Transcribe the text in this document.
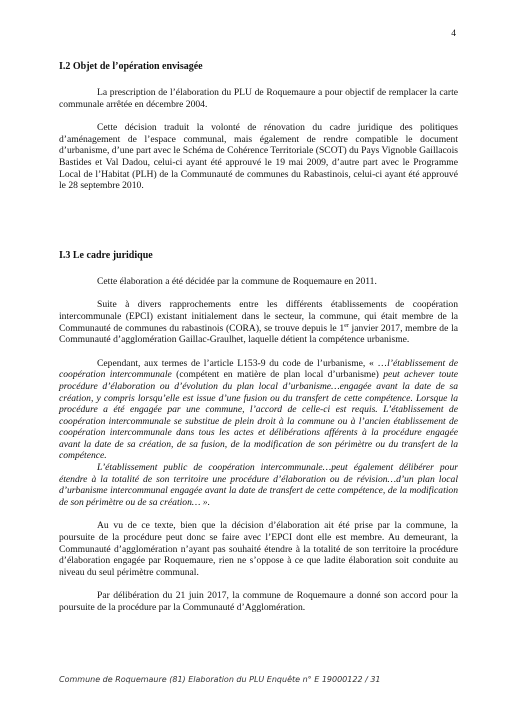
4
I.2 Objet de l’opération envisagée

La prescription de l’élaboration du PLU de Roquemaure a pour objectif de remplacer la carte communale arrêtée en décembre 2004.

Cette décision traduit la volonté de rénovation du cadre juridique des politiques d’aménagement de l’espace communal, mais également de rendre compatible le document d’urbanisme, d’une part avec le Schéma de Cohérence Territoriale (SCOT) du Pays Vignoble Gaillacois Bastides et Val Dadou, celui-ci ayant été approuvé le 19 mai 2009, d’autre part avec le Programme Local de l’Habitat (PLH) de la Communauté de communes du Rabastinois, celui-ci ayant été approuvé le 28 septembre 2010.

I.3 Le cadre juridique

Cette élaboration a été décidée par la commune de Roquemaure en 2011.

Suite à divers rapprochements entre les différents établissements de coopération intercommunale (EPCI) existant initialement dans le secteur, la commune, qui était membre de la Communauté de communes du rabastinois (CORA), se trouve depuis le 1er janvier 2017, membre de la Communauté d’agglomération Gaillac-Graulhet, laquelle détient la compétence urbanisme.

Cependant, aux termes de l’article L153-9 du code de l’urbanisme, « …l’établissement de coopération intercommunale (compétent en matière de plan local d’urbanisme) peut achever toute procédure d’élaboration ou d’évolution du plan local d’urbanisme…engagée avant la date de sa création, y compris lorsqu’elle est issue d’une fusion ou du transfert de cette compétence. Lorsque la procédure a été engagée par une commune, l’accord de celle-ci est requis. L’établissement de coopération intercommunale se substitue de plein droit à la commune ou à l’ancien établissement de coopération intercommunale dans tous les actes et délibérations afférents à la procédure engagée avant la date de sa création, de sa fusion, de la modification de son périmètre ou du transfert de la compétence.

L’établissement public de coopération intercommunale…peut également délibérer pour étendre à la totalité de son territoire une procédure d’élaboration ou de révision…d’un plan local d’urbanisme intercommunal engagée avant la date de transfert de cette compétence, de la modification de son périmètre ou de sa création… ».

Au vu de ce texte, bien que la décision d’élaboration ait été prise par la commune, la poursuite de la procédure peut donc se faire avec l’EPCI dont elle est membre. Au demeurant, la Communauté d’agglomération n’ayant pas souhaité étendre à la totalité de son territoire la procédure d’élaboration engagée par Roquemaure, rien ne s’oppose à ce que ladite élaboration soit conduite au niveau du seul périmètre communal.

Par délibération du 21 juin 2017, la commune de Roquemaure a donné son accord pour la poursuite de la procédure par la Communauté d’Agglomération.

Commune de Roquemaure (81) Elaboration du PLU Enquête n° E 19000122 / 31
